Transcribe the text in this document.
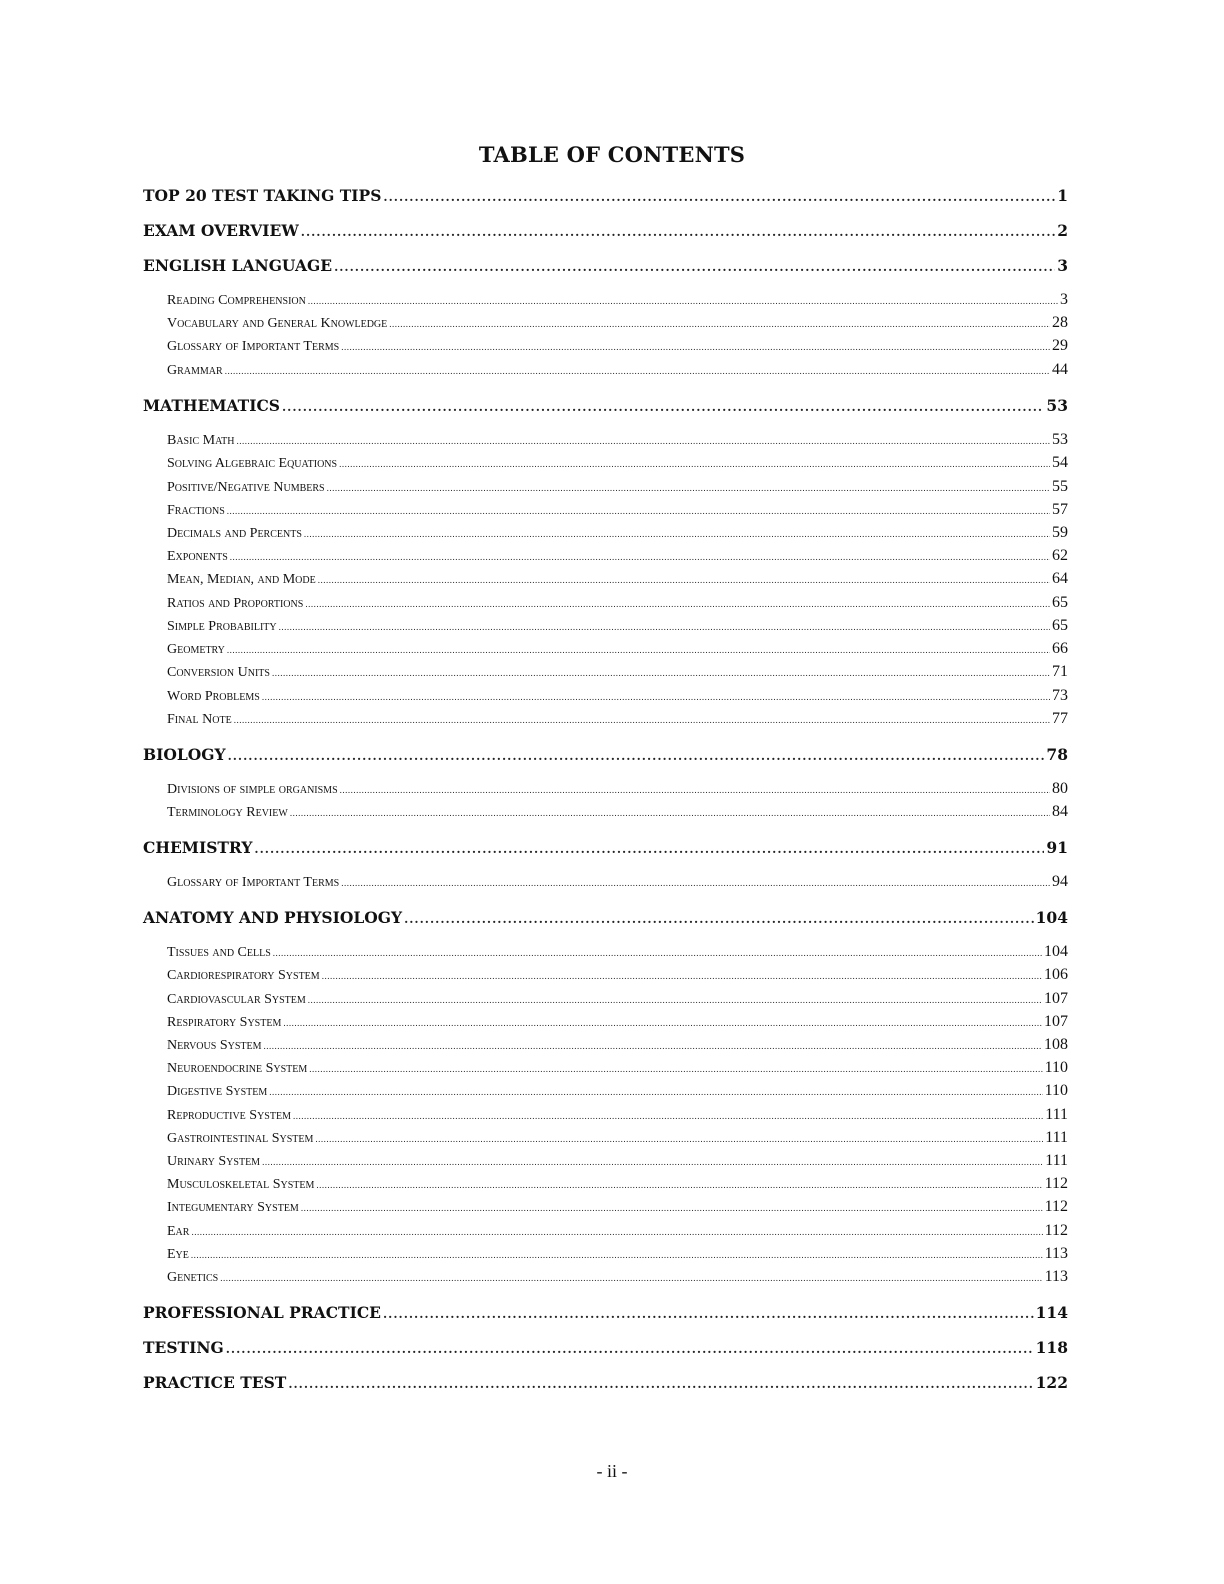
TABLE OF CONTENTS
TOP 20 TEST TAKING TIPS .....	1
EXAM OVERVIEW .....	2
ENGLISH LANGUAGE .....	3
Reading Comprehension .....	3
Vocabulary and General Knowledge .....	28
Glossary of Important Terms .....	29
Grammar .....	44
MATHEMATICS .....	53
Basic Math .....	53
Solving Algebraic Equations .....	54
Positive/Negative Numbers .....	55
Fractions .....	57
Decimals and Percents .....	59
Exponents .....	62
Mean, Median, and Mode .....	64
Ratios and Proportions .....	65
Simple Probability .....	65
Geometry .....	66
Conversion Units .....	71
Word Problems .....	73
Final Note .....	77
BIOLOGY .....	78
Divisions of simple organisms .....	80
Terminology Review .....	84
CHEMISTRY .....	91
Glossary of Important Terms .....	94
ANATOMY AND PHYSIOLOGY .....	104
Tissues and Cells .....	104
Cardiorespiratory System .....	106
Cardiovascular System .....	107
Respiratory System .....	107
Nervous System .....	108
Neuroendocrine System .....	110
Digestive System .....	110
Reproductive System .....	111
Gastrointestinal System .....	111
Urinary System .....	111
Musculoskeletal System .....	112
Integumentary System .....	112
Ear .....	112
Eye .....	113
Genetics .....	113
PROFESSIONAL PRACTICE .....	114
TESTING .....	118
PRACTICE TEST .....	122
- ii -
